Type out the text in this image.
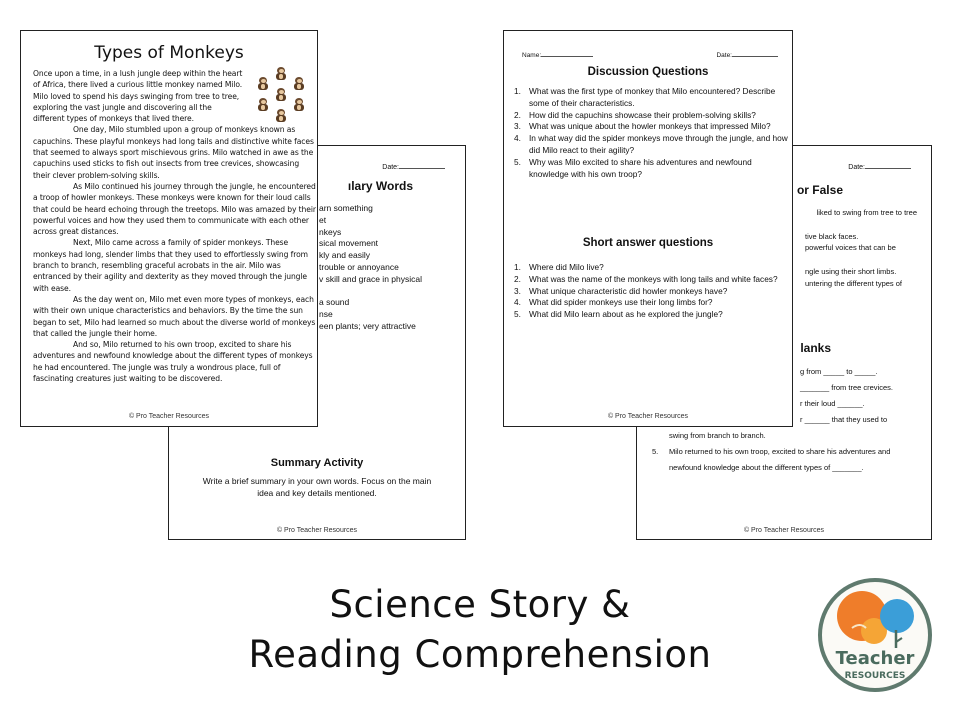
Date:
ılary Words
arn something
et
nkeys
sical movement
kly and easily
trouble or annoyance
v skill and grace in physical
a sound
nse
een plants; very attractive
Summary Activity
Write a brief summary in your own words. Focus on the main idea and key details mentioned.
© Pro Teacher Resources
Date:
or False
liked to swing from tree to tree
tive black faces.
powerful voices that can be
ngle using their short limbs.
untering the different types of
lanks
g from _____ to _____.
_______ from tree crevices.
r their loud ______.
r ______ that they used to
swing from branch to branch.
5.	Milo returned to his own troop, excited to share his adventures and newfound knowledge about the different types of _______.
© Pro Teacher Resources
Types of Monkeys

Once upon a time, in a lush jungle deep within the heart of Africa, there lived a curious little monkey named Milo. Milo loved to spend his days swinging from tree to tree, exploring the vast jungle and discovering all the different types of monkeys that lived there.

One day, Milo stumbled upon a group of monkeys known as capuchins. These playful monkeys had long tails and distinctive white faces that seemed to always sport mischievous grins. Milo watched in awe as the capuchins used sticks to fish out insects from tree crevices, showcasing their clever problem-solving skills.

As Milo continued his journey through the jungle, he encountered a troop of howler monkeys. These monkeys were known for their loud calls that could be heard echoing through the treetops. Milo was amazed by their powerful voices and how they used them to communicate with each other across great distances.

Next, Milo came across a family of spider monkeys. These monkeys had long, slender limbs that they used to effortlessly swing from branch to branch, resembling graceful acrobats in the air. Milo was entranced by their agility and dexterity as they moved through the jungle with ease.

As the day went on, Milo met even more types of monkeys, each with their own unique characteristics and behaviors. By the time the sun began to set, Milo had learned so much about the diverse world of monkeys that called the jungle their home.

And so, Milo returned to his own troop, excited to share his adventures and newfound knowledge about the different types of monkeys he had encountered. The jungle was truly a wondrous place, full of fascinating creatures just waiting to be discovered.

© Pro Teacher Resources
Name:	Date:
Discussion Questions
1. What was the first type of monkey that Milo encountered? Describe some of their characteristics.
2. How did the capuchins showcase their problem-solving skills?
3. What was unique about the howler monkeys that impressed Milo?
4. In what way did the spider monkeys move through the jungle, and how did Milo react to their agility?
5. Why was Milo excited to share his adventures and newfound knowledge with his own troop?
Short answer questions
1. Where did Milo live?
2. What was the name of the monkeys with long tails and white faces?
3. What unique characteristic did howler monkeys have?
4. What did spider monkeys use their long limbs for?
5. What did Milo learn about as he explored the jungle?
© Pro Teacher Resources
Science Story &
Reading Comprehension	Teacher
RESOURCES
